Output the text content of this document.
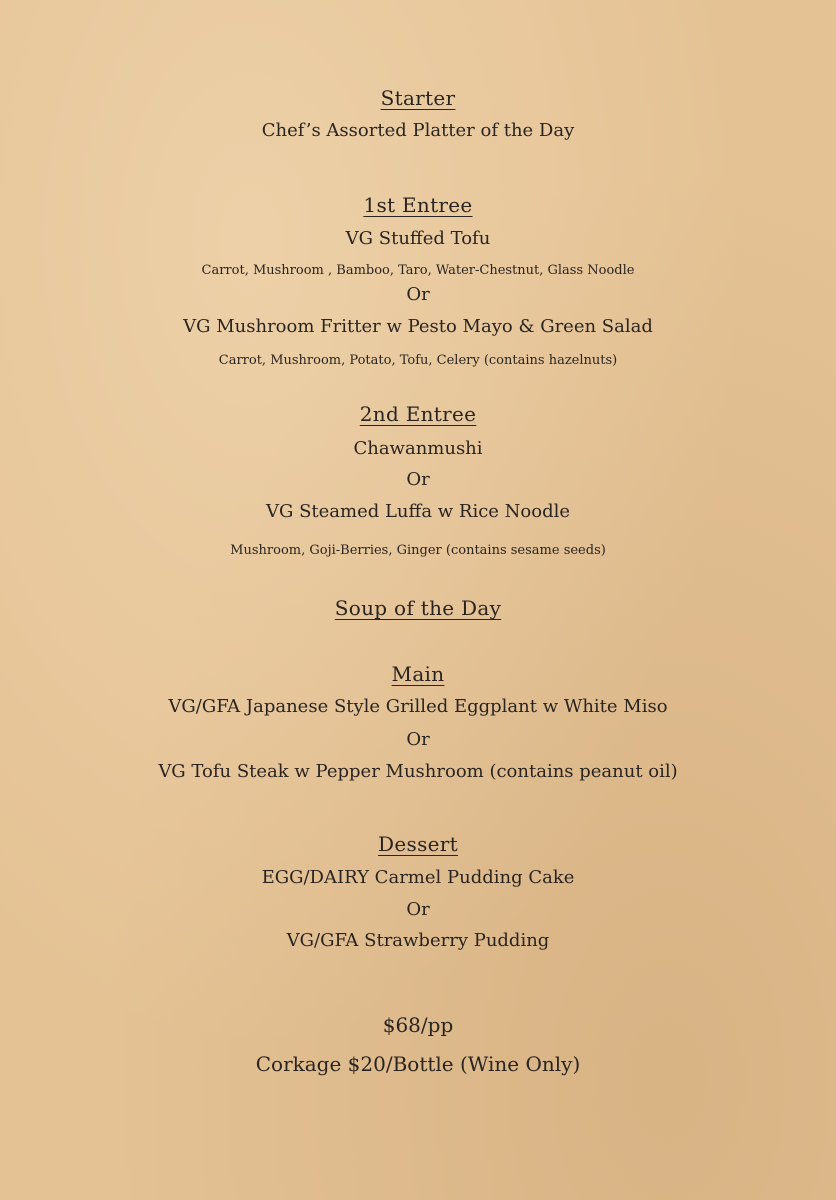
Starter
Chef’s Assorted Platter of the Day
1st Entree
VG Stuffed Tofu
Carrot, Mushroom , Bamboo, Taro, Water-Chestnut, Glass Noodle
Or
VG Mushroom Fritter w Pesto Mayo & Green Salad
Carrot, Mushroom, Potato, Tofu, Celery (contains hazelnuts)
2nd Entree
Chawanmushi
Or
VG Steamed Luffa w Rice Noodle
Mushroom, Goji-Berries, Ginger (contains sesame seeds)
Soup of the Day
Main
VG/GFA Japanese Style Grilled Eggplant w White Miso
Or
VG Tofu Steak w Pepper Mushroom (contains peanut oil)
Dessert
EGG/DAIRY Carmel Pudding Cake
Or
VG/GFA Strawberry Pudding
$68/pp
Corkage $20/Bottle (Wine Only)
